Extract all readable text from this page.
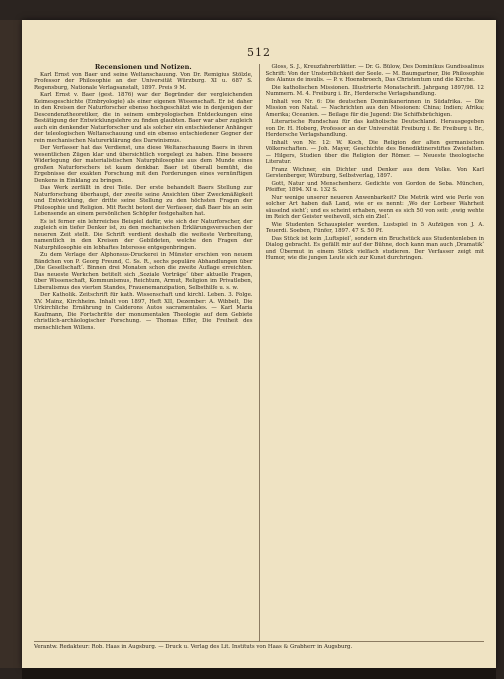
512

Recensionen und Notizen.

Karl Ernst von Baer und seine Weltanschauung. Von Dr. Remigius Stölzle, Professor der Philosophie an der Universität Würzburg. XI u. 687 S. Regensburg, Nationale Verlagsanstalt, 1897. Preis 9 M.

Karl Ernst v. Baer (gest. 1876) war der Begründer der vergleichenden Keimesgeschichte (Embryologie) als einer eigenen Wissenschaft. Er ist daher in den Kreisen der Naturforscher ebenso hochgeschätzt wie in denjenigen der Descendenztheoretiker, die in seinem embryologischen Entdeckungen eine Bestätigung der Entwicklungslehre zu finden glaubten. Baer war aber zugleich auch ein denkender Naturforscher und als solcher ein entschiedener Anhänger der teleologischen Weltanschauung und ein ebenso entschiedener Gegner der rein mechanischen Naturerklärung des Darwinismus.

Der Verfasser hat das Verdienst, uns diese Weltanschauung Baers in ihren wesentlichen Zügen klar und übersichtlich vorgelegt zu haben. Eine bessere Widerlegung der materialistischen Naturphilosophie aus dem Munde eines großen Naturforschers ist kaum denkbar. Baer ist überall bemüht, die Ergebnisse der exakten Forschung mit den Forderungen eines vernünftigen Denkens in Einklang zu bringen.

Das Werk zerfällt in drei Teile. Der erste behandelt Baers Stellung zur Naturforschung überhaupt, der zweite seine Ansichten über Zweckmäßigkeit und Entwicklung, der dritte seine Stellung zu den höchsten Fragen der Philosophie und Religion. Mit Recht betont der Verfasser, daß Baer bis an sein Lebensende an einem persönlichen Schöpfer festgehalten hat.

Es ist ferner ein lehrreiches Beispiel dafür, wie sich der Naturforscher, der zugleich ein tiefer Denker ist, zu den mechanischen Erklärungsversuchen der neueren Zeit stellt. Die Schrift verdient deshalb die weiteste Verbreitung, namentlich in den Kreisen der Gebildeten, welche den Fragen der Naturphilosophie ein lebhaftes Interesse entgegenbringen.

Zu dem Verlage der Alphonsus-Druckerei in Münster erschien von neuem Bändchen von P. Georg Freund, C. Ss. R., sechs populäre Abhandlungen über ‚Die Gesellschaft‘. Binnen drei Monaten schon die zweite Auflage erreichten. Das neueste Werkchen betitelt sich ‚Soziale Vorträge‘ über aktuelle Fragen, über Wissenschaft, Kommunismus, Reichtum, Armut, Religion im Privatleben, Liberalismus des vierten Standes, Frauenemanzipation, Selbsthilfe u. s. w.

Der Katholik. Zeitschrift für kath. Wissenschaft und kirchl. Leben. 3. Folge. XV. Mainz, Kirchheim. Inhalt von 1897, Heft XII, Dezember: A. Wibbelt, Die Urkirchliche Ernährung in Calderons Autos sacramentales. — Karl Maria Kaufmann, Die Fortschritte der monumentalen Theologie auf dem Gebiete christlich-archäologischer Forschung. — Thomas Effer, Die Freiheit des menschlichen Willens.

Gloss, S. J., Kreuzfahrerblätter. — Dr. G. Bülow, Des Dominikus Gundissalinus Schrift: Von der Unsterblichkeit der Seele. — M. Baumgartner, Die Philosophie des Alanus de insulis. — P. v. Hoensbroech, Das Christentum und die Kirche.

Die katholischen Missionen. Illustrierte Monatschrift. Jahrgang 1897/98. 12 Nummern. M. 4. Freiburg i. Br., Herdersche Verlagshandlung.

Inhalt von Nr. 6: Die deutschen Dominikanerinnen in Südafrika. — Die Mission von Natal. — Nachrichten aus den Missionen: China; Indien; Afrika; Amerika; Oceanien. — Beilage für die Jugend: Die Schiffsbrüchigen.

Literarische Rundschau für das katholische Deutschland. Herausgegeben von Dr. H. Hoberg, Professor an der Universität Freiburg i. Br. Freiburg i. Br., Herdersche Verlagshandlung.

Inhalt von Nr. 12: W. Koch, Die Religion der alten germanischen Völkerschaften. — Joh. Mayer, Geschichte des Benediktinerstiftes Zwiefalten. — Hilgers, Studien über die Religion der Römer. — Neueste theologische Literatur.

Franz Wichner, ein Dichter und Denker aus dem Volke. Von Karl Gerstenberger, Würzburg, Selbstverlag, 1897.

Gott, Natur und Menschenherz. Gedichte von Gordon de Seba. München, Pfeiffer, 1894. XI u. 132 S.

Nur wenige unserer neueren Anwenbarkeit? Die Metrik wird wie Perle von solcher Art haben daß Land, wie er es nennt: ‚Wo der Lorbeer Wahrheit säuselnd sieht‘; und es scheint erhaben, wenn es sich 50 von seit: ‚ewig wehte im Reich der Geister weihevoll, sich ein Ziel‘.

Wie Studenten Schauspieler werden. Lustspiel in 5 Aufzügen von J. A. Teuerdi. Soeben, Fünfer, 1897. 47 S. 50 Pf.

Das Stück ist kein ‚Luftspiel‘, sondern ein Bruchstück aus Studentenleben in Dialog gebracht. Es gefällt mir auf der Bühne, doch kann man auch ‚Dramatik‘ und Übermut in einem Stück vielfach studieren. Der Verfasser zeigt mit Humor, wie die jungen Leute sich zur Kunst durchringen.

Verantw. Redakteur: Rob. Haas in Augsburg. — Druck u. Verlag des Lit. Instituts von Haas & Grabherr in Augsburg.
